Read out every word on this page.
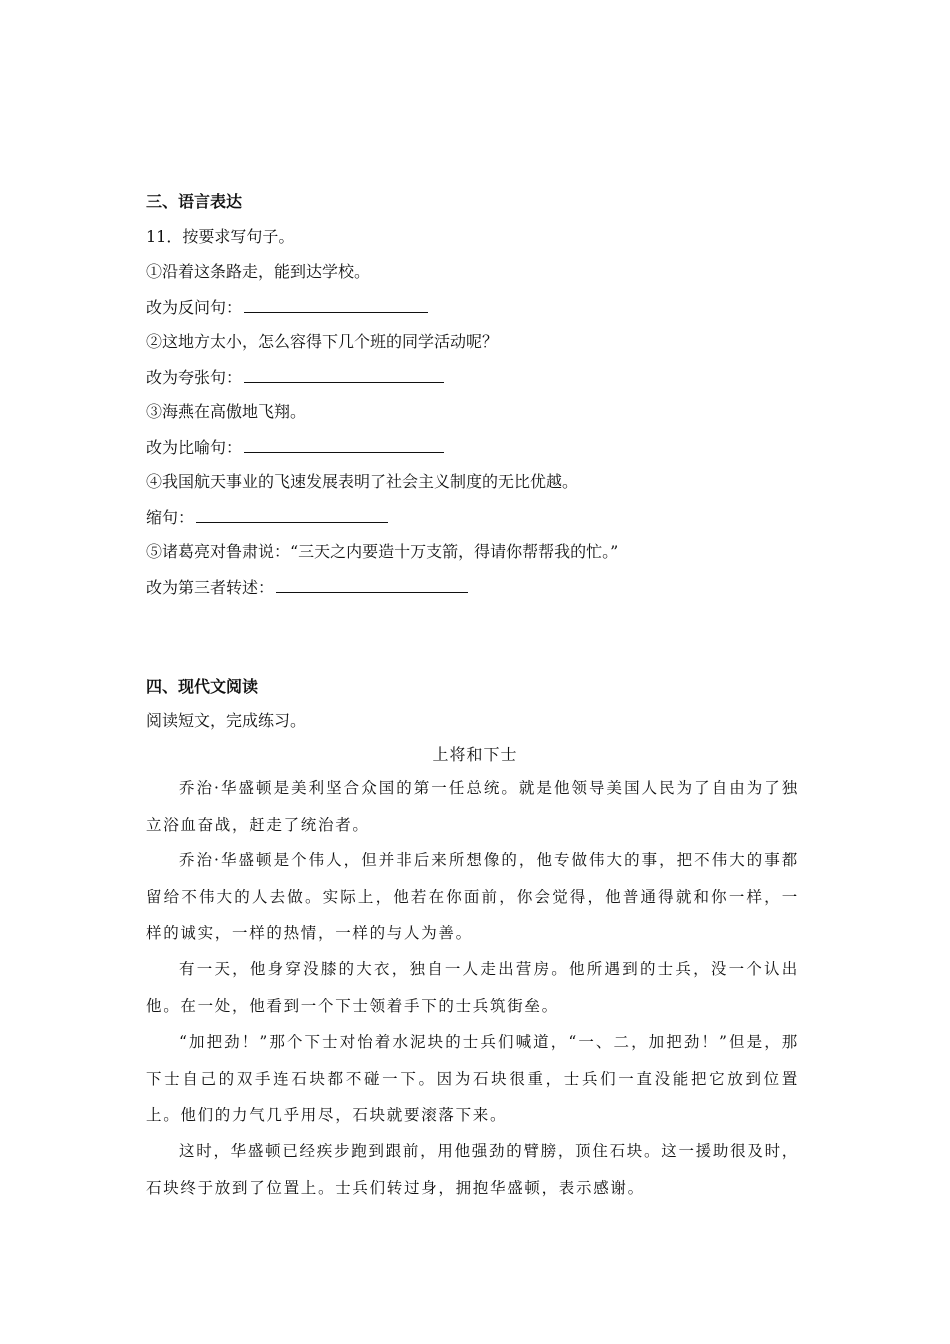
三、语言表达
11．按要求写句子。
①沿着这条路走，能到达学校。
改为反问句：
②这地方太小，怎么容得下几个班的同学活动呢？
改为夸张句：
③海燕在高傲地飞翔。
改为比喻句：
④我国航天事业的飞速发展表明了社会主义制度的无比优越。
缩句：
⑤诸葛亮对鲁肃说：“三天之内要造十万支箭，得请你帮帮我的忙。”
改为第三者转述：
四、现代文阅读
阅读短文，完成练习。
上将和下士
乔治·华盛顿是美利坚合众国的第一任总统。就是他领导美国人民为了自由为了独立浴血奋战，赶走了统治者。
乔治·华盛顿是个伟人，但并非后来所想像的，他专做伟大的事，把不伟大的事都留给不伟大的人去做。实际上，他若在你面前，你会觉得，他普通得就和你一样，一样的诚实，一样的热情，一样的与人为善。
有一天，他身穿没膝的大衣，独自一人走出营房。他所遇到的士兵，没一个认出他。在一处，他看到一个下士领着手下的士兵筑街垒。
“加把劲！”那个下士对怡着水泥块的士兵们喊道，“一、二，加把劲！”但是，那下士自己的双手连石块都不碰一下。因为石块很重，士兵们一直没能把它放到位置上。他们的力气几乎用尽，石块就要滚落下来。
这时，华盛顿已经疾步跑到跟前，用他强劲的臂膀，顶住石块。这一援助很及时，石块终于放到了位置上。士兵们转过身，拥抱华盛顿，表示感谢。
